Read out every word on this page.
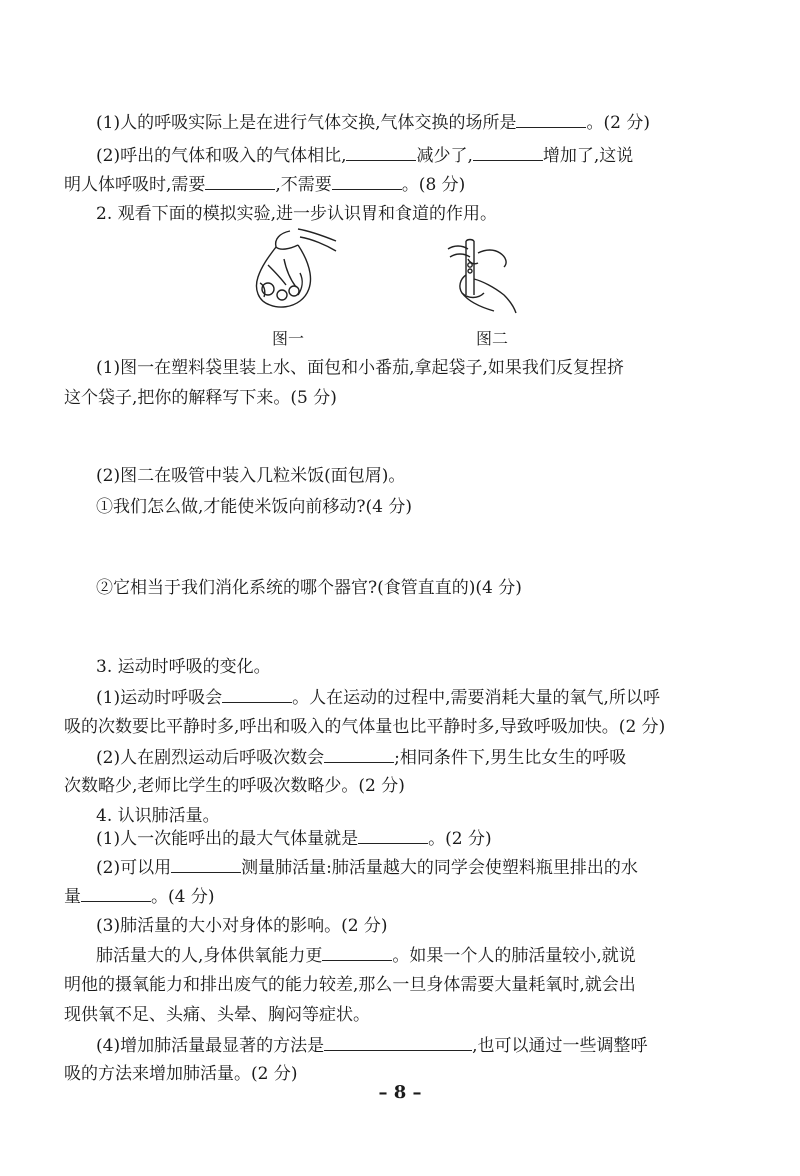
(1)人的呼吸实际上是在进行气体交换,气体交换的场所是	。(2 分)
(2)呼出的气体和吸入的气体相比,	减少了,	增加了,这说
明人体呼吸时,需要	,不需要	。(8 分)
2. 观看下面的模拟实验,进一步认识胃和食道的作用。
图一	图二
(1)图一在塑料袋里装上水、面包和小番茄,拿起袋子,如果我们反复捏挤
这个袋子,把你的解释写下来。(5 分)
(2)图二在吸管中装入几粒米饭(面包屑)。
①我们怎么做,才能使米饭向前移动?(4 分)
②它相当于我们消化系统的哪个器官?(食管直直的)(4 分)
3. 运动时呼吸的变化。
(1)运动时呼吸会	。人在运动的过程中,需要消耗大量的氧气,所以呼
吸的次数要比平静时多,呼出和吸入的气体量也比平静时多,导致呼吸加快。(2 分)
(2)人在剧烈运动后呼吸次数会	;相同条件下,男生比女生的呼吸
次数略少,老师比学生的呼吸次数略少。(2 分)
4. 认识肺活量。
(1)人一次能呼出的最大气体量就是	。(2 分)
(2)可以用	测量肺活量:肺活量越大的同学会使塑料瓶里排出的水
量	。(4 分)
(3)肺活量的大小对身体的影响。(2 分)
肺活量大的人,身体供氧能力更	。如果一个人的肺活量较小,就说
明他的摄氧能力和排出废气的能力较差,那么一旦身体需要大量耗氧时,就会出
现供氧不足、头痛、头晕、胸闷等症状。
(4)增加肺活量最显著的方法是	,也可以通过一些调整呼
吸的方法来增加肺活量。(2 分)
– 8 –
